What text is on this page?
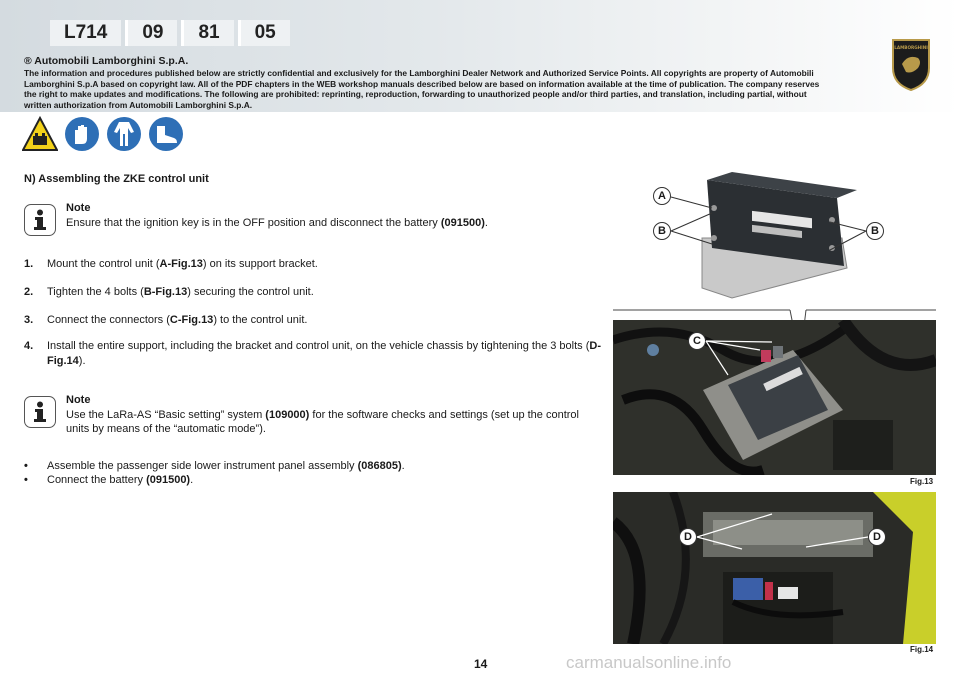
L714	09	81	05
LAMBORGHINI
® Automobili Lamborghini S.p.A.
The information and procedures published below are strictly confidential and exclusively for the Lamborghini Dealer Network and Authorized Service Points. All copyrights are property of Automobili Lamborghini S.p.A based on copyright law. All of the PDF chapters in the WEB workshop manuals described below are based on information available at the time of publication. The company reserves the right to make updates and modifications. The following are prohibited: reprinting, reproduction, forwarding to unauthorized people and/or third parties, and translation, including partial, without written authorization from Automobili Lamborghini S.p.A.
N) Assembling the ZKE control unit
Note
Ensure that the ignition key is in the OFF position and disconnect the battery (091500).
1.	Mount the control unit (A-Fig.13) on its support bracket.
2.	Tighten the 4 bolts (B-Fig.13) securing the control unit.
3.	Connect the connectors (C-Fig.13) to the control unit.
4.	Install the entire support, including the bracket and control unit, on the vehicle chassis by tightening the 3 bolts (D-Fig.14).
Note
Use the LaRa-AS “Basic setting” system (109000) for the software checks and settings (set up the control units by means of the “automatic mode”).
•	Assemble the passenger side lower instrument panel assembly (086805).
•	Connect the battery (091500).
A
B	B
C
Fig.13
D	D
Fig.14
14	carmanualsonline.info
